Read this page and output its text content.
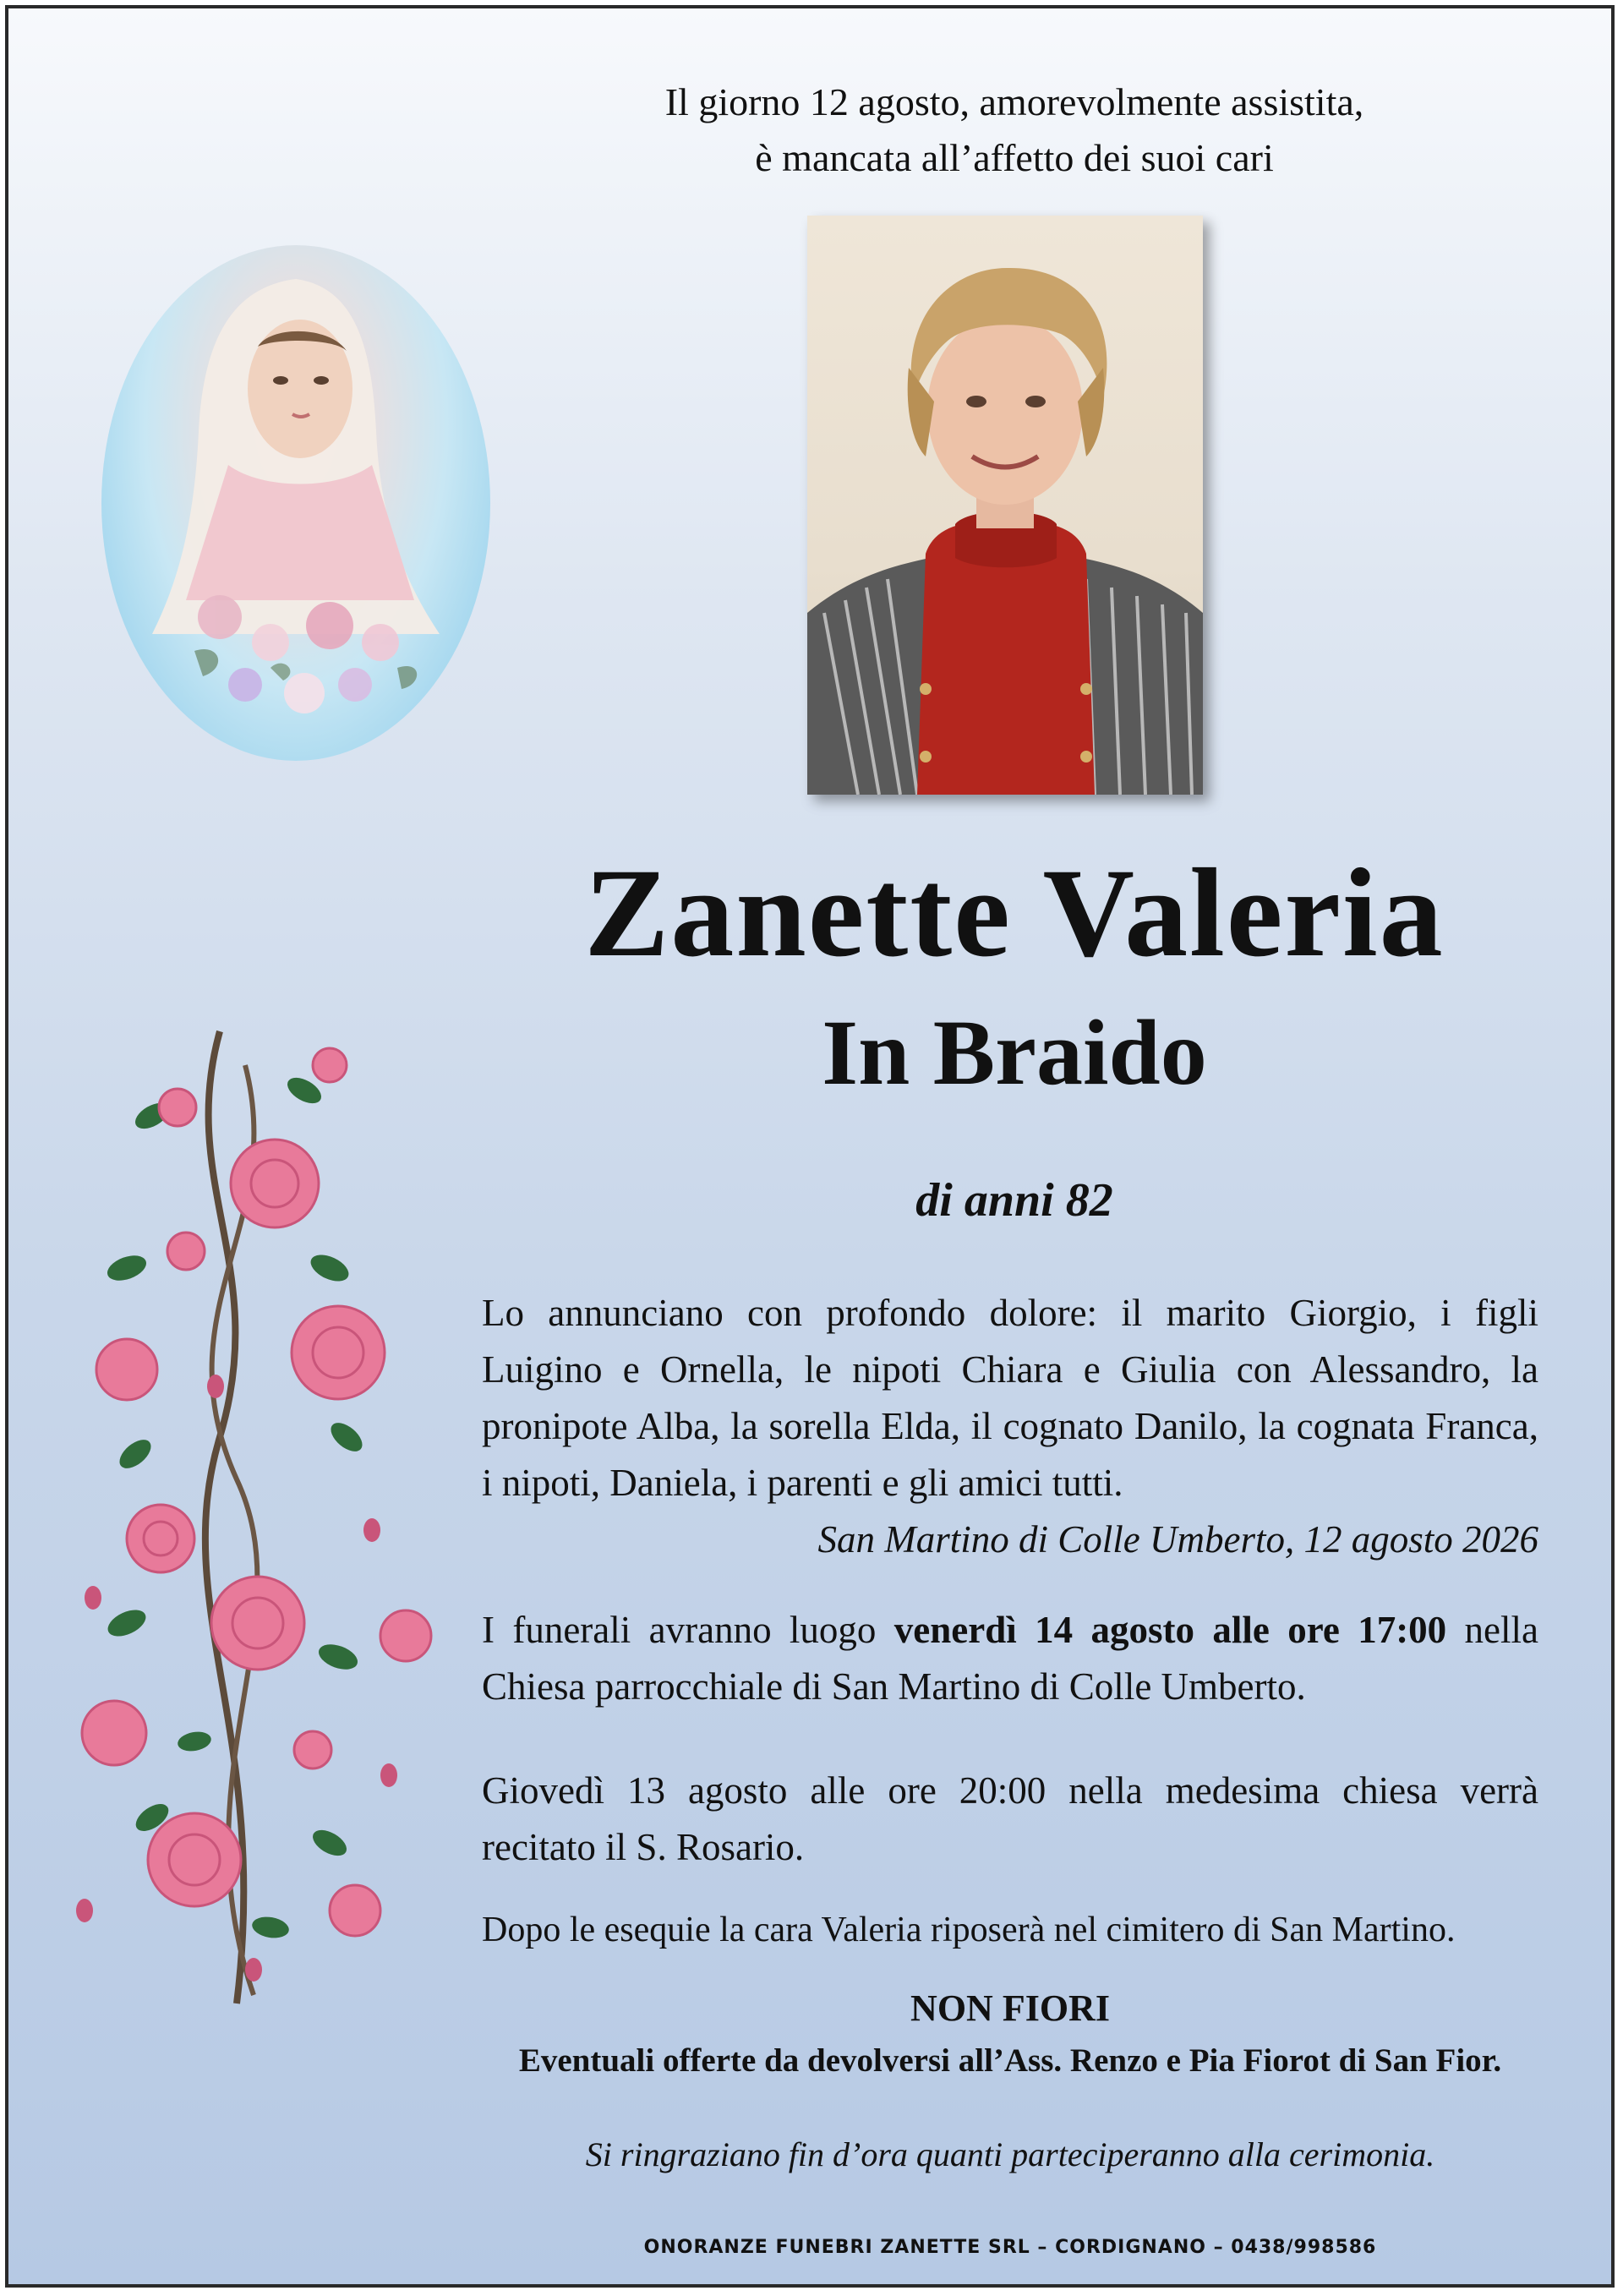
Il giorno 12 agosto, amorevolmente assistita,
è mancata all’affetto dei suoi cari
Zanette Valeria
In Braido
di anni 82
Lo annunciano con profondo dolore: il marito Giorgio, i figli Luigino e Ornella, le nipoti Chiara e Giulia con Alessandro, la pronipote Alba, la sorella Elda, il cognato Danilo, la cognata Franca, i nipoti, Daniela, i parenti e gli amici tutti.
San Martino di Colle Umberto, 12 agosto 2026
I funerali avranno luogo venerdì 14 agosto alle ore 17:00 nella Chiesa parrocchiale di San Martino di Colle Umberto.
Giovedì 13 agosto alle ore 20:00 nella medesima chiesa verrà recitato il S. Rosario.
Dopo le esequie la cara Valeria riposerà nel cimitero di San Martino.
NON FIORI
Eventuali offerte da devolversi all’Ass. Renzo e Pia Fiorot di San Fior.
Si ringraziano fin d’ora quanti parteciperanno alla cerimonia.
ONORANZE FUNEBRI ZANETTE SRL – CORDIGNANO – 0438/998586
